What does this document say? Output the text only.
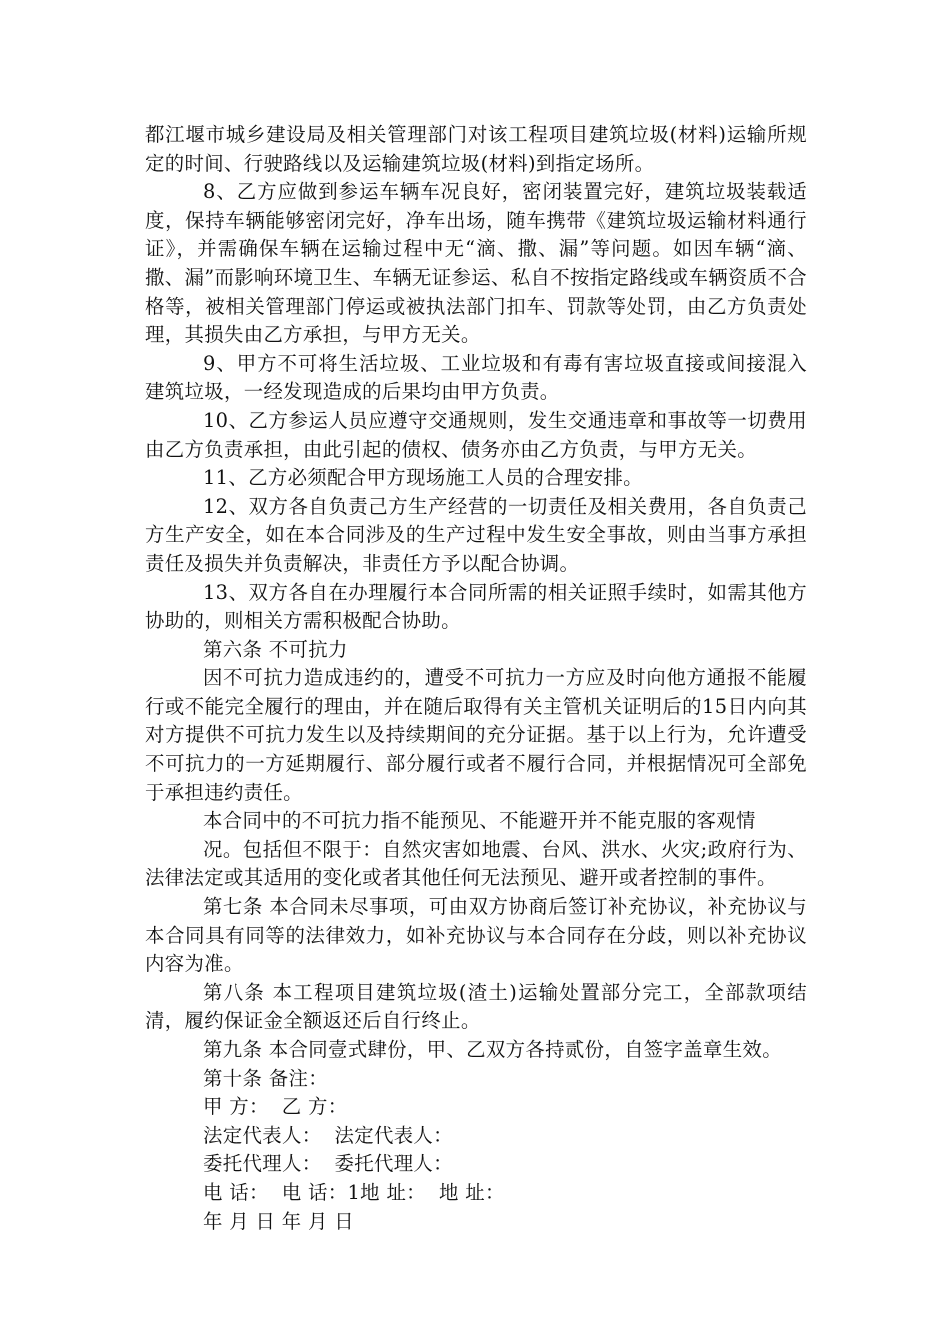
都江堰市城乡建设局及相关管理部门对该工程项目建筑垃圾(材料)运输所规定的时间、行驶路线以及运输建筑垃圾(材料)到指定场所。

8、乙方应做到参运车辆车况良好，密闭装置完好，建筑垃圾装载适度，保持车辆能够密闭完好，净车出场，随车携带《建筑垃圾运输材料通行证》，并需确保车辆在运输过程中无“滴、撒、漏”等问题。如因车辆“滴、撒、漏”而影响环境卫生、车辆无证参运、私自不按指定路线或车辆资质不合格等，被相关管理部门停运或被执法部门扣车、罚款等处罚，由乙方负责处理，其损失由乙方承担，与甲方无关。

9、甲方不可将生活垃圾、工业垃圾和有毒有害垃圾直接或间接混入建筑垃圾，一经发现造成的后果均由甲方负责。

10、乙方参运人员应遵守交通规则，发生交通违章和事故等一切费用由乙方负责承担，由此引起的债权、债务亦由乙方负责，与甲方无关。

11、乙方必须配合甲方现场施工人员的合理安排。

12、双方各自负责己方生产经营的一切责任及相关费用，各自负责己方生产安全，如在本合同涉及的生产过程中发生安全事故，则由当事方承担责任及损失并负责解决，非责任方予以配合协调。

13、双方各自在办理履行本合同所需的相关证照手续时，如需其他方协助的，则相关方需积极配合协助。

第六条 不可抗力

因不可抗力造成违约的，遭受不可抗力一方应及时向他方通报不能履行或不能完全履行的理由，并在随后取得有关主管机关证明后的15日内向其对方提供不可抗力发生以及持续期间的充分证据。基于以上行为，允许遭受不可抗力的一方延期履行、部分履行或者不履行合同，并根据情况可全部免于承担违约责任。

本合同中的不可抗力指不能预见、不能避开并不能克服的客观情

况。包括但不限于：自然灾害如地震、台风、洪水、火灾;政府行为、法律法定或其适用的变化或者其他任何无法预见、避开或者控制的事件。

第七条 本合同未尽事项，可由双方协商后签订补充协议，补充协议与本合同具有同等的法律效力，如补充协议与本合同存在分歧，则以补充协议内容为准。

第八条 本工程项目建筑垃圾(渣土)运输处置部分完工，全部款项结清，履约保证金全额返还后自行终止。

第九条 本合同壹式肆份，甲、乙双方各持贰份，自签字盖章生效。

第十条 备注：

甲 方：  乙 方：

法定代表人：  法定代表人：

委托代理人：  委托代理人：

电 话：  电 话：1地 址：  地 址：

年 月 日 年 月 日
